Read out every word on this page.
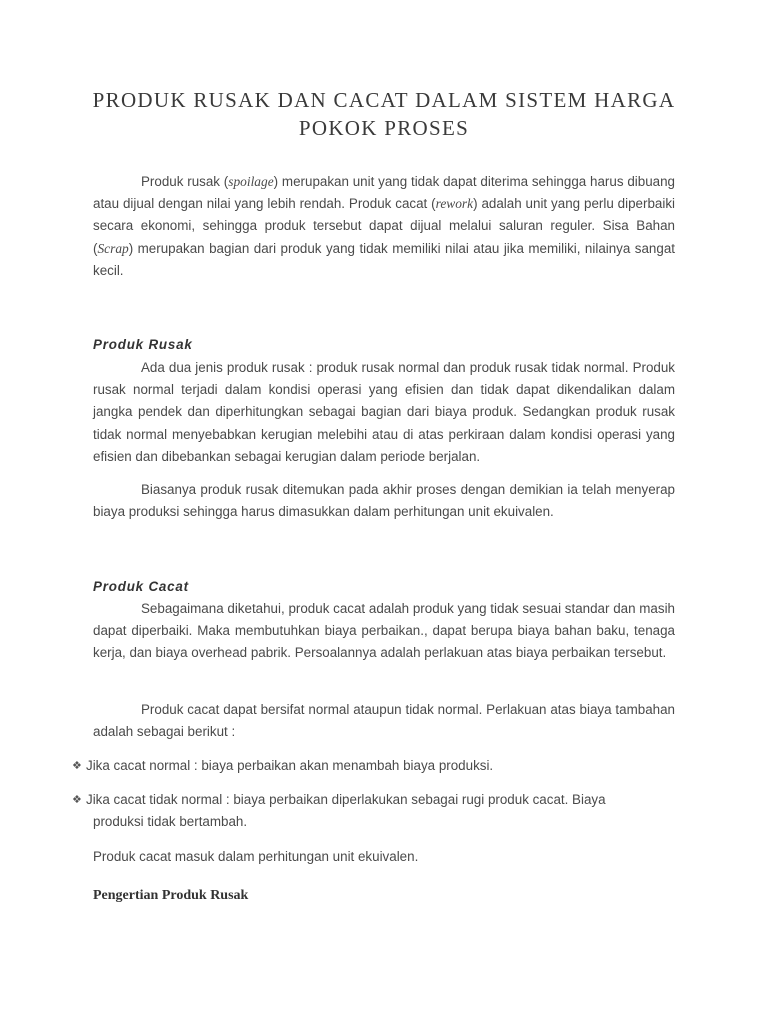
PRODUK RUSAK DAN CACAT DALAM SISTEM HARGA POKOK PROSES

Produk rusak (spoilage) merupakan unit yang tidak dapat diterima sehingga harus dibuang atau dijual dengan nilai yang lebih rendah. Produk cacat (rework) adalah unit yang perlu diperbaiki secara ekonomi, sehingga produk tersebut dapat dijual melalui saluran reguler. Sisa Bahan (Scrap) merupakan bagian dari produk yang tidak memiliki nilai atau jika memiliki, nilainya sangat kecil.

Produk Rusak

Ada dua jenis produk rusak : produk rusak normal dan produk rusak tidak normal. Produk rusak normal terjadi dalam kondisi operasi yang efisien dan tidak dapat dikendalikan dalam jangka pendek dan diperhitungkan sebagai bagian dari biaya produk. Sedangkan produk rusak tidak normal menyebabkan kerugian melebihi atau di atas perkiraan dalam kondisi operasi yang efisien dan dibebankan sebagai kerugian dalam periode berjalan.

Biasanya produk rusak ditemukan pada akhir proses dengan demikian ia telah menyerap biaya produksi sehingga harus dimasukkan dalam perhitungan unit ekuivalen.

Produk Cacat

Sebagaimana diketahui, produk cacat adalah produk yang tidak sesuai standar dan masih dapat diperbaiki. Maka membutuhkan biaya perbaikan., dapat berupa biaya bahan baku, tenaga kerja, dan biaya overhead pabrik. Persoalannya adalah perlakuan atas biaya perbaikan tersebut.

Produk cacat dapat bersifat normal ataupun tidak normal. Perlakuan atas biaya tambahan adalah sebagai berikut :

❖ Jika cacat normal : biaya perbaikan akan menambah biaya produksi.

❖ Jika cacat tidak normal : biaya perbaikan diperlakukan sebagai rugi produk cacat. Biaya
produksi tidak bertambah.

Produk cacat masuk dalam perhitungan unit ekuivalen.

Pengertian Produk Rusak
